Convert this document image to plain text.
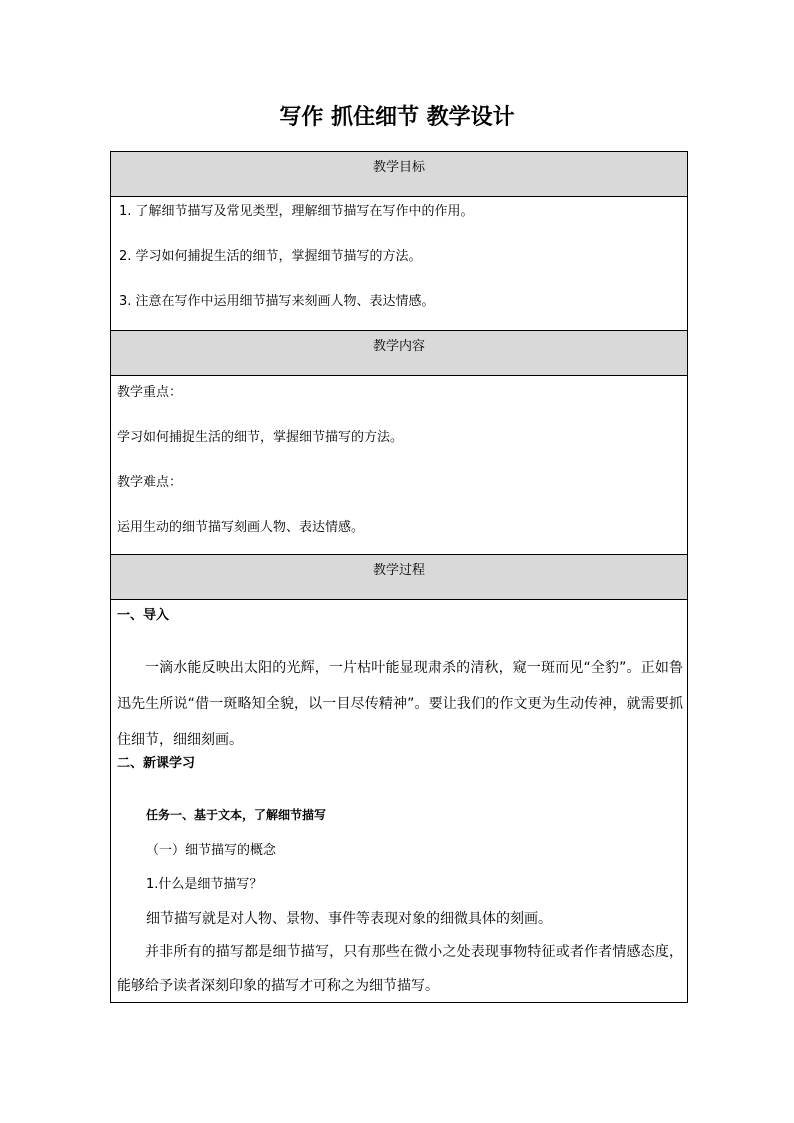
写作 抓住细节 教学设计
教学目标
1. 了解细节描写及常见类型，理解细节描写在写作中的作用。
2. 学习如何捕捉生活的细节，掌握细节描写的方法。
3. 注意在写作中运用细节描写来刻画人物、表达情感。
教学内容
教学重点：
学习如何捕捉生活的细节，掌握细节描写的方法。
教学难点：
运用生动的细节描写刻画人物、表达情感。
教学过程
一、导入
一滴水能反映出太阳的光辉，一片枯叶能显现肃杀的清秋，窥一斑而见“全豹”。正如鲁迅先生所说“借一斑略知全貌，以一目尽传精神”。要让我们的作文更为生动传神，就需要抓住细节，细细刻画。
二、新课学习
任务一、基于文本，了解细节描写
（一）细节描写的概念
1.什么是细节描写？
细节描写就是对人物、景物、事件等表现对象的细微具体的刻画。
并非所有的描写都是细节描写，只有那些在微小之处表现事物特征或者作者情感态度，能够给予读者深刻印象的描写才可称之为细节描写。
